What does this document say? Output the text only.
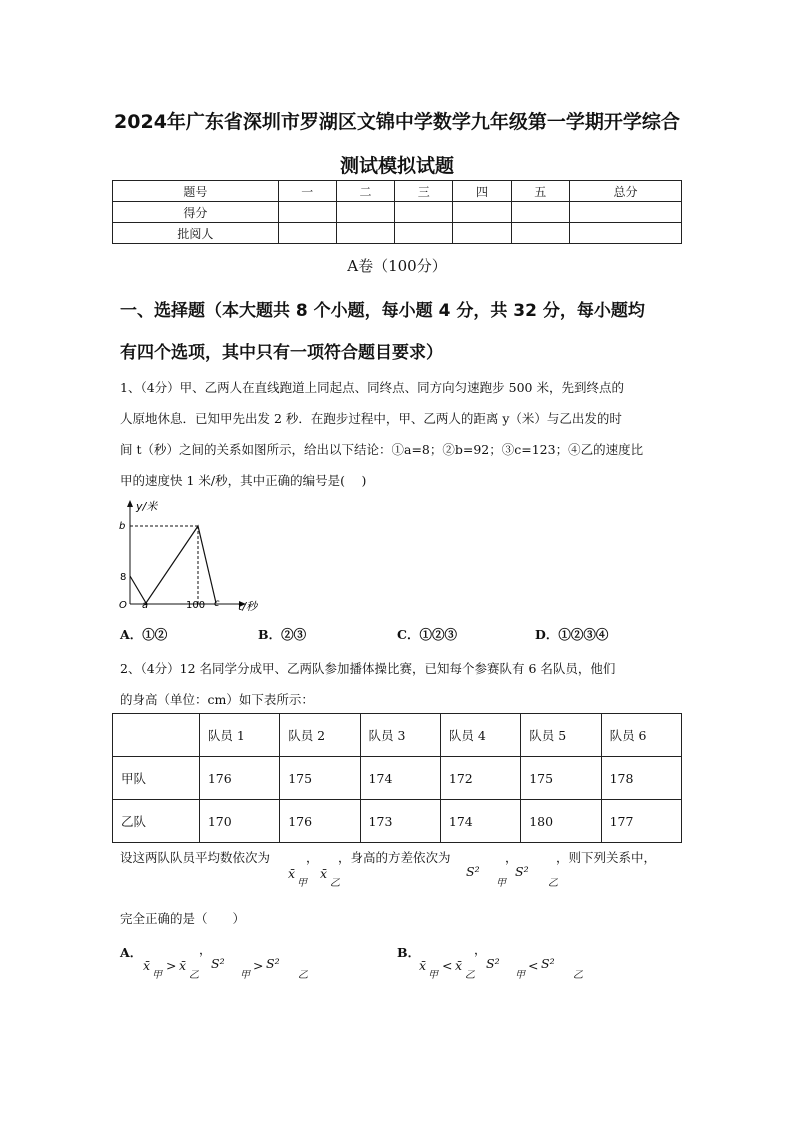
2024年广东省深圳市罗湖区文锦中学数学九年级第一学期开学综合
测试模拟试题
题号	一	二	三	四	五	总分
得分						
批阅人						
A卷（100分）
一、选择题（本大题共 8 个小题，每小题 4 分，共 32 分，每小题均
有四个选项，其中只有一项符合题目要求）
1、（4分）甲、乙两人在直线跑道上同起点、同终点、同方向匀速跑步 500 米，先到终点的
人原地休息．已知甲先出发 2 秒．在跑步过程中，甲、乙两人的距离 y（米）与乙出发的时
间 t（秒）之间的关系如图所示，给出以下结论：①a=8；②b=92；③c=123；④乙的速度比
甲的速度快 1 米/秒，其中正确的编号是(　 )
y/米
b
8
O a	100 c t/秒
A．①②	B．②③	C．①②③	D．①②③④
2、（4分）12 名同学分成甲、乙两队参加播体操比赛，已知每个参赛队有 6 名队员，他们
的身高（单位：cm）如下表所示：
	队员 1	队员 2	队员 3	队员 4	队员 5	队员 6
甲队	176	175	174	172	175	178
乙队	170	176	173	174	180	177
设这两队队员平均数依次为	， ，身高的方差依次为	，	，则下列关系中，
x̄
甲
x̄
乙
S²
甲
S²
乙
完全正确的是（　　）
A．	，
x̄
甲
> x̄
乙
S²
甲
> S²
乙
B．	，
x̄
甲
< x̄
乙
S²
甲
< S²
乙
